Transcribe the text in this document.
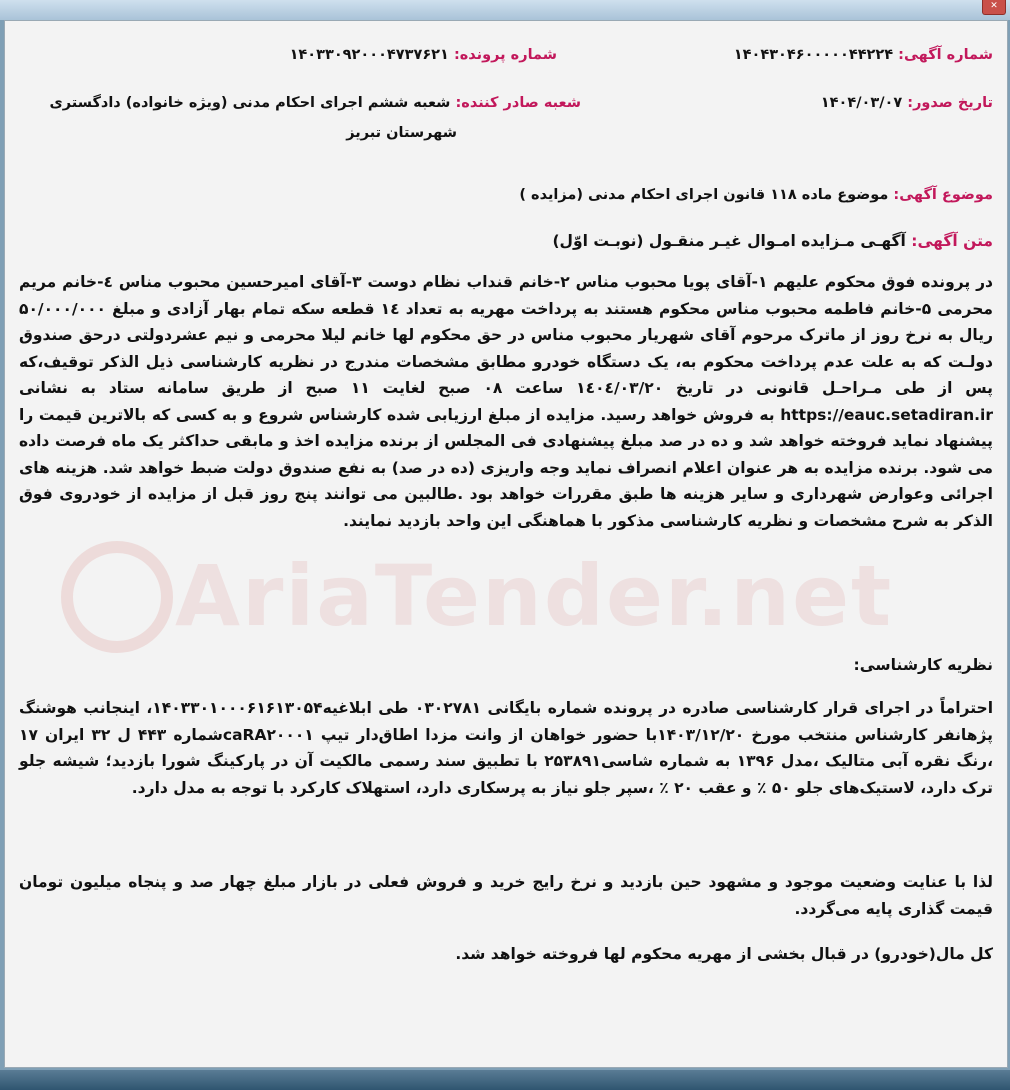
✕
AriaTender.net
شماره آگهی: ۱۴۰۴۳۰۴۶۰۰۰۰۰۴۴۲۲۴
شماره پرونده: ۱۴۰۳۳۰۹۲۰۰۰۴۷۳۷۶۲۱
تاریخ صدور: ۱۴۰۴/۰۳/۰۷
شعبه صادر کننده: شعبه ششم اجرای احکام مدنی (ویژه خانواده) دادگستری
شهرستان تبریز
موضوع آگهی: موضوع ماده ۱۱۸ قانون اجرای احکام مدنی (مزایده )
متن آگهی: آگهـی مـزایده امـوال غیـر منقـول (نوبـت اوّل)
در پرونده فوق محکوم علیهم ۱-آقای پویا محبوب مناس ۲-خانم قنداب نظام دوست ۳-آقای امیرحسین محبوب مناس ٤-خانم مریم محرمی ۵-خانم فاطمه محبوب مناس محکوم هستند به پرداخت مهریه به تعداد ۱٤ قطعه سکه تمام بهار آزادی و مبلغ ۵۰/۰۰۰/۰۰۰ ریال به نرخ روز از ماترک مرحوم آقای شهریار محبوب مناس در حق محکوم لها خانم لیلا محرمی و نیم عشردولتی درحق صندوق دولـت که به علت عدم پرداخت محکوم به، یک دستگاه خودرو مطابق مشخصات مندرج در نظریه کارشناسی ذیل الذکر توقیف،که پس از طی مـراحـل قانونی در تاریخ ۱٤۰٤/۰۳/۲۰ ساعت ۰۸ صبح لغایت ۱۱ صبح از طریق سامانه ستاد به نشانی https://eauc.setadiran.ir به فروش خواهد رسید. مزایده از مبلغ ارزیابی شده کارشناس شروع و به کسی که بالاترین قیمت را پیشنهاد نماید فروخته خواهد شد و ده در صد مبلغ پیشنهادی فی المجلس از برنده مزایده اخذ و مابقی حداکثر یک ماه فرصت داده می شود. برنده مزایده به هر عنوان اعلام انصراف نماید وجه واریزی (ده در صد) به نفع صندوق دولت ضبط خواهد شد. هزینه های اجرائی وعوارض شهرداری و سایر هزینه ها طبق مقررات خواهد بود .طالبین می توانند پنج روز قبل از مزایده از خودروی فوق الذکر به شرح مشخصات و نظریه کارشناسی مذکور با هماهنگی این واحد بازدید نمایند.
نظریه کارشناسی:
احتراماً در اجرای قرار کارشناسی صادره در پرونده شماره بایگانی ۰۳۰۲۷۸۱ طی ابلاغیه۱۴۰۳۳۰۱۰۰۰۶۱۶۱۳۰۵۴، اینجانب هوشنگ پژهانفر کارشناس منتخب مورخ ۱۴۰۳/۱۲/۲۰با حضور خواهان از وانت مزدا اطاق‌دار تیپ caRA۲۰۰۰۱شماره ۴۴۳ ل ۳۲ ایران ۱۷ ،رنگ نقره آبی متالیک ،مدل ۱۳۹۶ به شماره شاسی۲۵۳۸۹۱ با تطبیق سند رسمی مالکیت آن در پارکینگ شورا بازدید؛ شیشه جلو ترک دارد، لاستیک‌های جلو ۵۰ ٪ و عقب ۲۰ ٪ ،سپر جلو نیاز به پرسکاری دارد، استهلاک کارکرد با توجه به مدل دارد.
لذا با عنایت وضعیت موجود و مشهود حین بازدید و نرخ رایج خرید و فروش فعلی در بازار مبلغ چهار صد و پنجاه میلیون تومان قیمت گذاری پایه می‌گردد.
کل مال(خودرو) در قبال بخشی از مهریه محکوم لها فروخته خواهد شد.
